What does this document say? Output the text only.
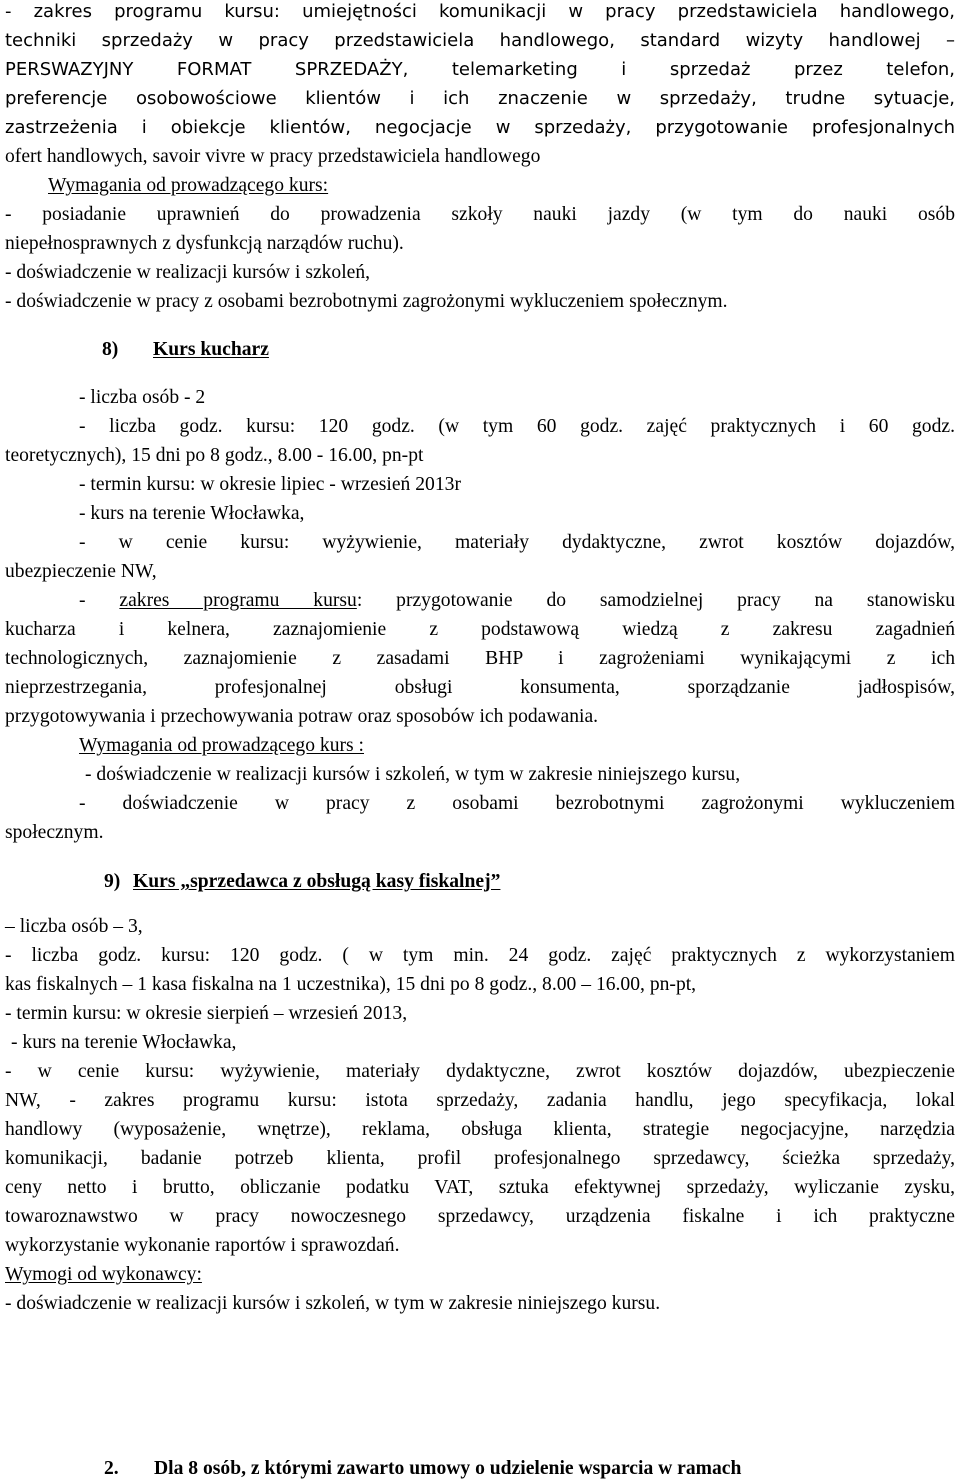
- zakres programu kursu: umiejętności komunikacji w pracy przedstawiciela handlowego,

techniki sprzedaży w pracy przedstawiciela handlowego, standard wizyty handlowej –

PERSWAZYJNY FORMAT SPRZEDAŻY, telemarketing i sprzedaż przez telefon,

preferencje osobowościowe klientów i ich znaczenie w sprzedaży, trudne sytuacje,

zastrzeżenia i obiekcje klientów, negocjacje w sprzedaży, przygotowanie profesjonalnych

ofert handlowych, savoir vivre w pracy przedstawiciela handlowego

Wymagania od prowadzącego kurs:

- posiadanie uprawnień do prowadzenia szkoły nauki jazdy (w tym do nauki osób

niepełnosprawnych z dysfunkcją narządów ruchu).

- doświadczenie w realizacji kursów i szkoleń,

- doświadczenie w pracy z osobami bezrobotnymi zagrożonymi wykluczeniem społecznym.

8) Kurs kucharz

- liczba osób - 2

- liczba godz. kursu: 120 godz. (w tym 60 godz. zajęć praktycznych i 60 godz.

teoretycznych), 15 dni po 8 godz., 8.00 - 16.00, pn-pt

- termin kursu: w okresie lipiec - wrzesień 2013r

- kurs na terenie Włocławka,

- w cenie kursu: wyżywienie, materiały dydaktyczne, zwrot kosztów dojazdów,

ubezpieczenie NW,

- zakres programu kursu: przygotowanie do samodzielnej pracy na stanowisku

kucharza i kelnera, zaznajomienie z podstawową wiedzą z zakresu zagadnień

technologicznych, zaznajomienie z zasadami BHP i zagrożeniami wynikającymi z ich

nieprzestrzegania, profesjonalnej obsługi konsumenta, sporządzanie jadłospisów,

przygotowywania i przechowywania potraw oraz sposobów ich podawania.

Wymagania od prowadzącego kurs :

- doświadczenie w realizacji kursów i szkoleń, w tym w zakresie niniejszego kursu,

- doświadczenie w pracy z osobami bezrobotnymi zagrożonymi wykluczeniem

społecznym.

9) Kurs „sprzedawca z obsługą kasy fiskalnej”

– liczba osób – 3,

- liczba godz. kursu: 120 godz. ( w tym min. 24 godz. zajęć praktycznych z wykorzystaniem

kas fiskalnych – 1 kasa fiskalna na 1 uczestnika), 15 dni po 8 godz., 8.00 – 16.00, pn-pt,

- termin kursu: w okresie sierpień – wrzesień 2013,

- kurs na terenie Włocławka,

- w cenie kursu: wyżywienie, materiały dydaktyczne, zwrot kosztów dojazdów, ubezpieczenie

NW, - zakres programu kursu: istota sprzedaży, zadania handlu, jego specyfikacja, lokal

handlowy (wyposażenie, wnętrze), reklama, obsługa klienta, strategie negocjacyjne, narzędzia

komunikacji, badanie potrzeb klienta, profil profesjonalnego sprzedawcy, ścieżka sprzedaży,

ceny netto i brutto, obliczanie podatku VAT, sztuka efektywnej sprzedaży, wyliczanie zysku,

towaroznawstwo w pracy nowoczesnego sprzedawcy, urządzenia fiskalne i ich praktyczne

wykorzystanie wykonanie raportów i sprawozdań.

Wymogi od wykonawcy:

- doświadczenie w realizacji kursów i szkoleń, w tym w zakresie niniejszego kursu.

2. Dla 8 osób, z którymi zawarto umowy o udzielenie wsparcia w ramach
